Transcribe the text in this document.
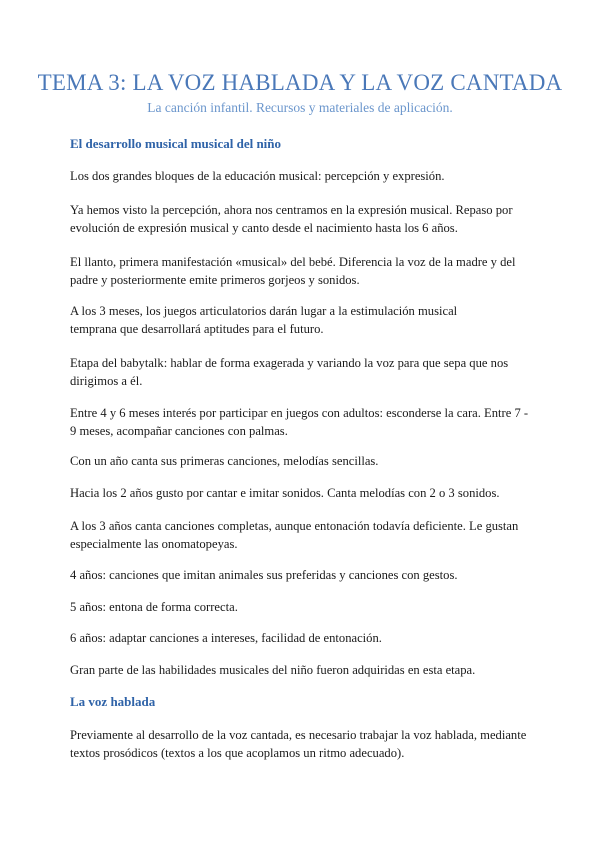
TEMA 3: LA VOZ HABLADA Y LA VOZ CANTADA
La canción infantil. Recursos y materiales de aplicación.
El desarrollo musical musical del niño
Los dos grandes bloques de la educación musical: percepción y expresión.
Ya hemos visto la percepción, ahora nos centramos en la expresión musical. Repaso por
evolución de expresión musical y canto desde el nacimiento hasta los 6 años.
El llanto, primera manifestación «musical» del bebé. Diferencia la voz de la madre y del
padre y posteriormente emite primeros gorjeos y sonidos.
A los 3 meses, los juegos articulatorios darán lugar a la estimulación musical
temprana que desarrollará aptitudes para el futuro.
Etapa del babytalk: hablar de forma exagerada y variando la voz para que sepa que nos
dirigimos a él.
Entre 4 y 6 meses interés por participar en juegos con adultos: esconderse la cara. Entre 7 -
9 meses, acompañar canciones con palmas.
Con un año canta sus primeras canciones, melodías sencillas.
Hacia los 2 años gusto por cantar e imitar sonidos. Canta melodías con 2 o 3 sonidos.
A los 3 años canta canciones completas, aunque entonación todavía deficiente. Le gustan
especialmente las onomatopeyas.
4 años: canciones que imitan animales sus preferidas y canciones con gestos.
5 años: entona de forma correcta.
6 años: adaptar canciones a intereses, facilidad de entonación.
Gran parte de las habilidades musicales del niño fueron adquiridas en esta etapa.
La voz hablada
Previamente al desarrollo de la voz cantada, es necesario trabajar la voz hablada, mediante
textos prosódicos (textos a los que acoplamos un ritmo adecuado).
